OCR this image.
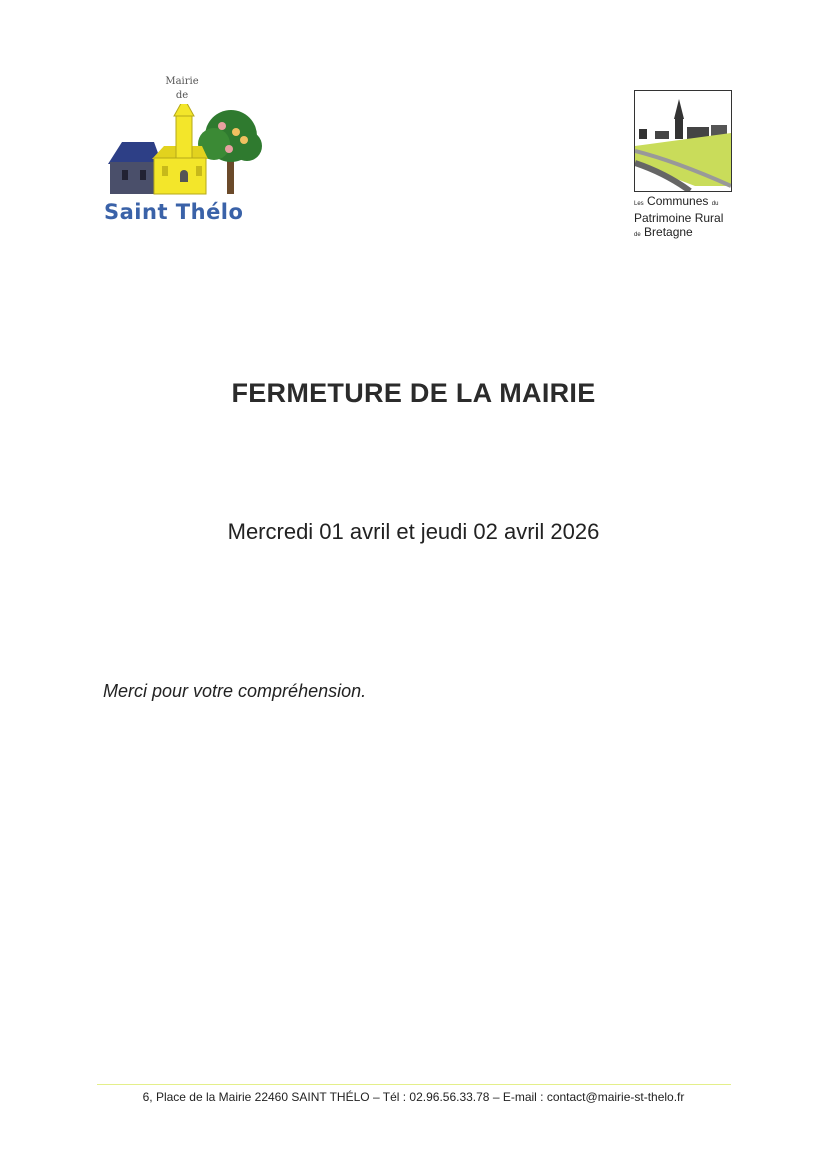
Mairie
de
Saint Thélo	Les Communes du
Patrimoine Rural
de Bretagne
FERMETURE DE LA MAIRIE
Mercredi 01 avril et jeudi 02 avril 2026
Merci pour votre compréhension.
6, Place de la Mairie 22460 SAINT THÉLO – Tél : 02.96.56.33.78 – E-mail : contact@mairie-st-thelo.fr
